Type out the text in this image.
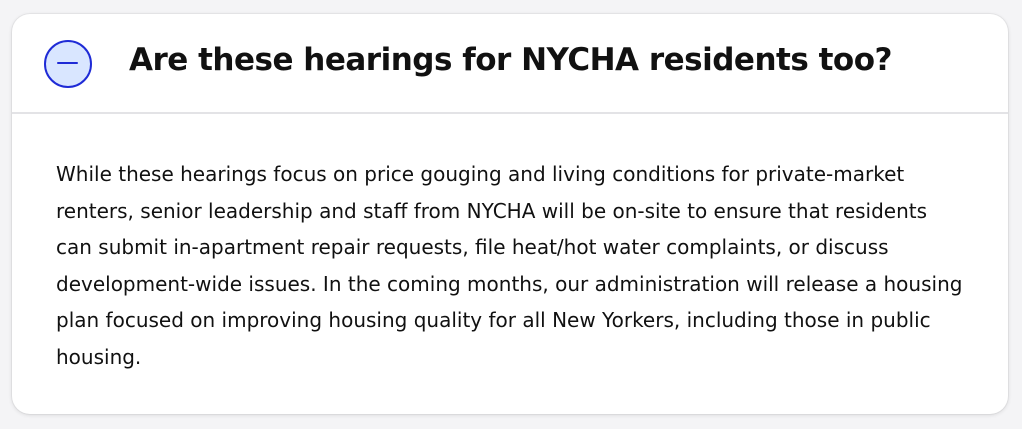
Are these hearings for NYCHA residents too?

While these hearings focus on price gouging and living conditions for private-market renters, senior leadership and staff from NYCHA will be on-site to ensure that residents can submit in-apartment repair requests, file heat/hot water complaints, or discuss development-wide issues. In the coming months, our administration will release a housing plan focused on improving housing quality for all New Yorkers, including those in public housing.
